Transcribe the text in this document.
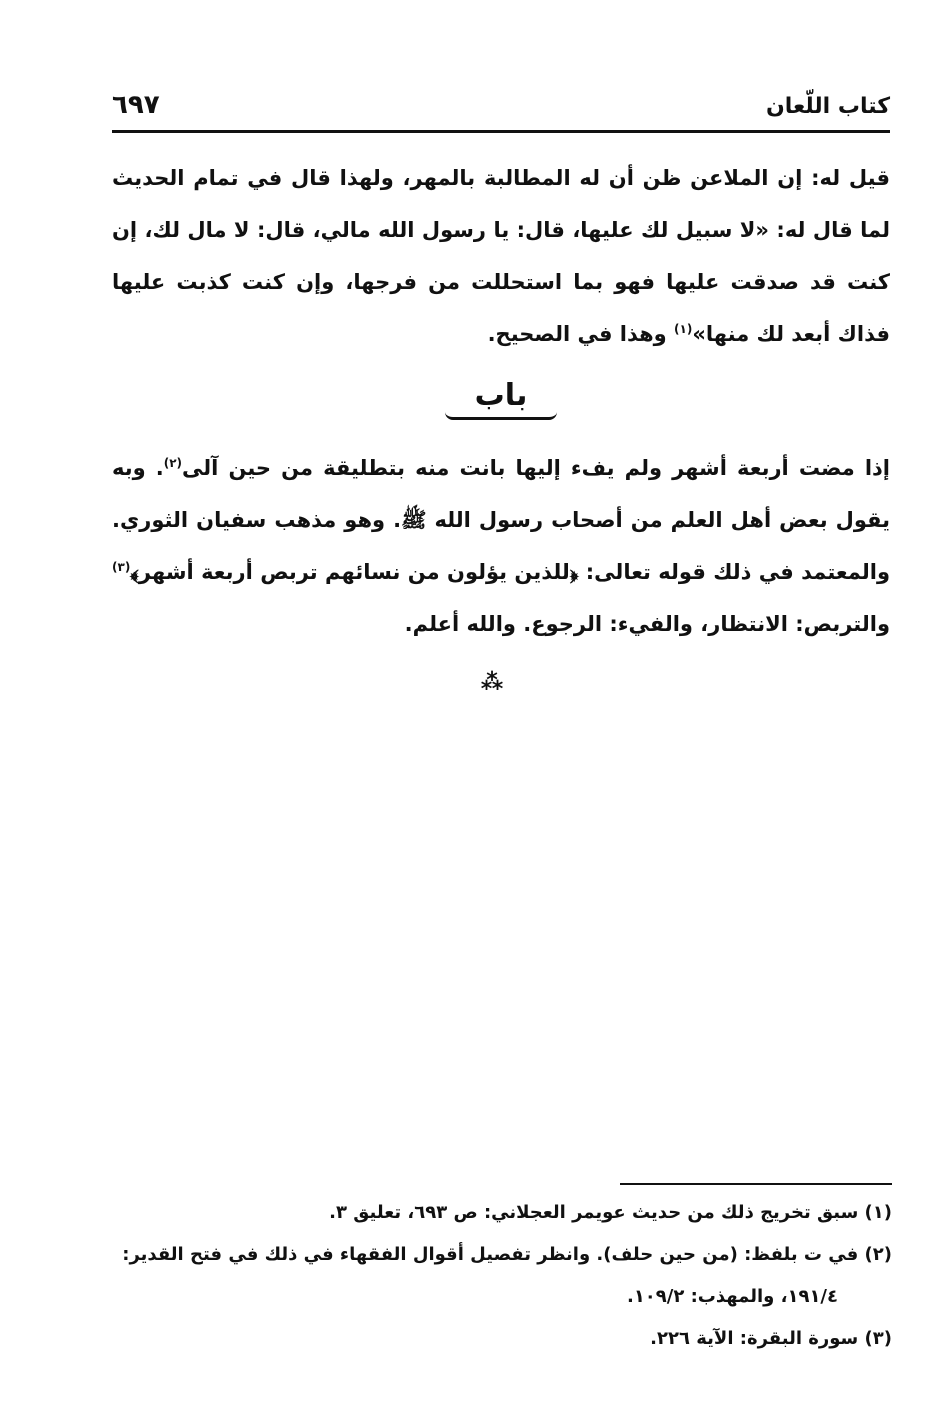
كتاب اللّعان
٦٩٧
قيل له: إن الملاعن ظن أن له المطالبة بالمهر، ولهذا قال في تمام الحديث لما قال له: «لا سبيل لك عليها، قال: يا رسول الله مالي، قال: لا مال لك، إن كنت قد صدقت عليها فهو بما استحللت من فرجها، وإن كنت كذبت عليها فذاك أبعد لك منها»$^{(١)}$ وهذا في الصحيح.
باب
إذا مضت أربعة أشهر ولم يفء إليها بانت منه بتطليقة من حين آلى$^{(٢)}$. وبه يقول بعض أهل العلم من أصحاب رسول الله ﷺ. وهو مذهب سفيان الثوري. والمعتمد في ذلك قوله تعالى: ﴿للذين يؤلون من نسائهم تربص أربعة أشهر﴾$^{(٣)}$ والتربص: الانتظار، والفيء: الرجوع. والله أعلم.
⁂
(١) سبق تخريج ذلك من حديث عويمر العجلاني: ص ٦٩٣، تعليق ٣.
(٢) في ت بلفظ: (من حين حلف). وانظر تفصيل أقوال الفقهاء في ذلك في فتح القدير:
١٩١/٤، والمهذب: ١٠٩/٢.
(٣) سورة البقرة: الآية ٢٢٦.
